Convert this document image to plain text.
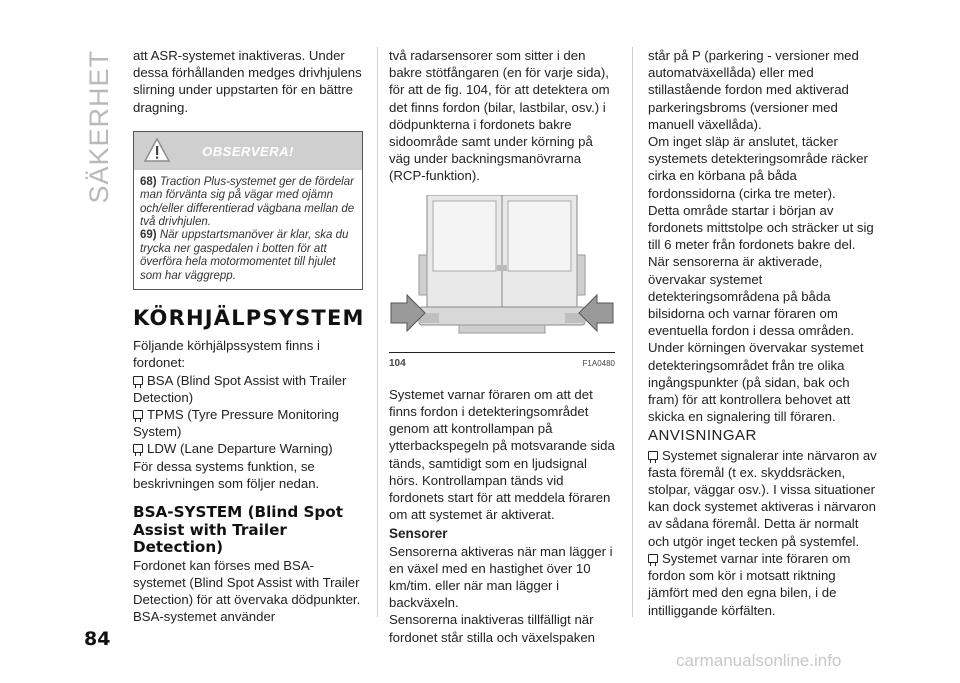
SÄKERHET att ASR-systemet inaktiveras. Under dessa förhållanden medges drivhjulens slirning under uppstarten för en bättre dragning.

OBSERVERA!
68) Traction Plus-systemet ger de fördelar man förvänta sig på vägar med ojämn och/eller differentierad vägbana mellan de två drivhjulen.
69) När uppstartsmanöver är klar, ska du trycka ner gaspedalen i botten för att överföra hela motormomentet till hjulet som har väggrepp.
KÖRHJÄLPSYSTEM

Följande körhjälpssystem finns i fordonet:

BSA (Blind Spot Assist with Trailer Detection)

TPMS (Tyre Pressure Monitoring System)

LDW (Lane Departure Warning)

För dessa systems funktion, se beskrivningen som följer nedan.

BSA-SYSTEM (Blind Spot Assist with Trailer Detection)

Fordonet kan förses med BSA-systemet (Blind Spot Assist with Trailer Detection) för att övervaka dödpunkter. BSA-systemet använder

två radarsensorer som sitter i den bakre stötfångaren (en för varje sida), för att de fig. 104, för att detektera om det finns fordon (bilar, lastbilar, osv.) i dödpunkterna i fordonets bakre sidoområde samt under körning på väg under backningsmanövrarna (RCP-funktion).

104	F1A0480

Systemet varnar föraren om att det finns fordon i detekteringsområdet genom att kontrollampan på ytterbackspegeln på motsvarande sida tänds, samtidigt som en ljudsignal hörs. Kontrollampan tänds vid fordonets start för att meddela föraren om att systemet är aktiverat.

Sensorer

Sensorerna aktiveras när man lägger i en växel med en hastighet över 10 km/tim. eller när man lägger i backväxeln.

Sensorerna inaktiveras tillfälligt när fordonet står stilla och växelspaken

står på P (parkering - versioner med automatväxellåda) eller med stillastående fordon med aktiverad parkeringsbroms (versioner med manuell växellåda).

Om inget släp är anslutet, täcker systemets detekteringsområde räcker cirka en körbana på båda fordonssidorna (cirka tre meter).

Detta område startar i början av fordonets mittstolpe och sträcker ut sig till 6 meter från fordonets bakre del.

När sensorerna är aktiverade, övervakar systemet detekteringsområdena på båda bilsidorna och varnar föraren om eventuella fordon i dessa områden.

Under körningen övervakar systemet detekteringsområdet från tre olika ingångspunkter (på sidan, bak och fram) för att kontrollera behovet att skicka en signalering till föraren.

ANVISNINGAR

Systemet signalerar inte närvaron av fasta föremål (t ex. skyddsräcken, stolpar, väggar osv.). I vissa situationer kan dock systemet aktiveras i närvaron av sådana föremål. Detta är normalt och utgör inget tecken på systemfel.

Systemet varnar inte föraren om fordon som kör i motsatt riktning jämfört med den egna bilen, i de intilliggande körfälten.

84
carmanualsonline.info
